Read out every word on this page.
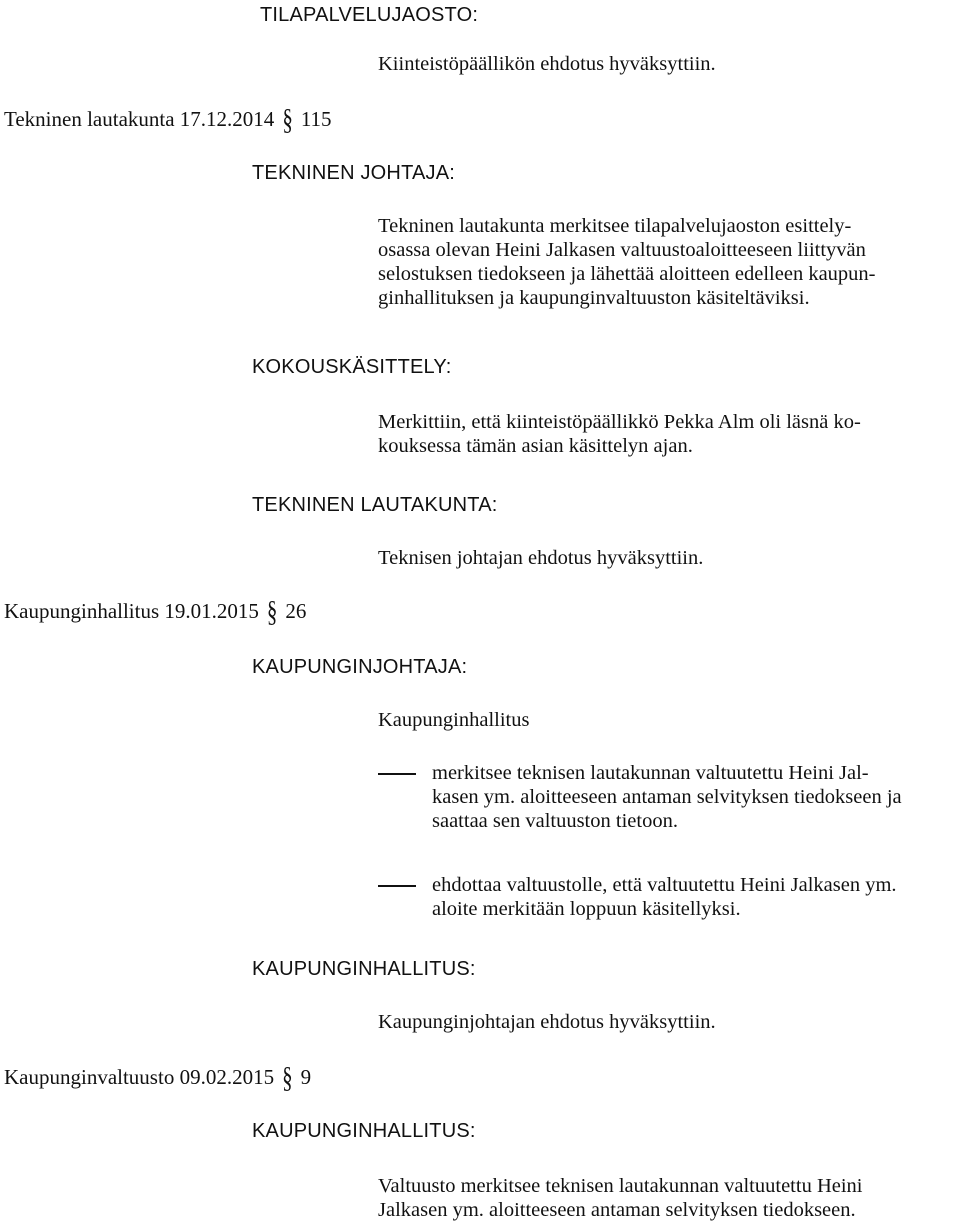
TILAPALVELUJAOSTO:
Kiinteistöpäällikön ehdotus hyväksyttiin.
Tekninen lautakunta 17.12.2014 § 115
TEKNINEN JOHTAJA:
Tekninen lautakunta merkitsee tilapalvelujaoston esittely-
osassa olevan Heini Jalkasen valtuustoaloitteeseen liittyvän
selostuksen tiedokseen ja lähettää aloitteen edelleen kaupun-
ginhallituksen ja kaupunginvaltuuston käsiteltäviksi.
KOKOUSKÄSITTELY:
Merkittiin, että kiinteistöpäällikkö Pekka Alm oli läsnä ko-
kouksessa tämän asian käsittelyn ajan.
TEKNINEN LAUTAKUNTA:
Teknisen johtajan ehdotus hyväksyttiin.
Kaupunginhallitus 19.01.2015 § 26
KAUPUNGINJOHTAJA:
Kaupunginhallitus
merkitsee teknisen lautakunnan valtuutettu Heini Jal-
kasen ym. aloitteeseen antaman selvityksen tiedokseen ja
saattaa sen valtuuston tietoon.
ehdottaa valtuustolle, että valtuutettu Heini Jalkasen ym.
aloite merkitään loppuun käsitellyksi.
KAUPUNGINHALLITUS:
Kaupunginjohtajan ehdotus hyväksyttiin.
Kaupunginvaltuusto 09.02.2015 § 9
KAUPUNGINHALLITUS:
Valtuusto merkitsee teknisen lautakunnan valtuutettu Heini
Jalkasen ym. aloitteeseen antaman selvityksen tiedokseen.
